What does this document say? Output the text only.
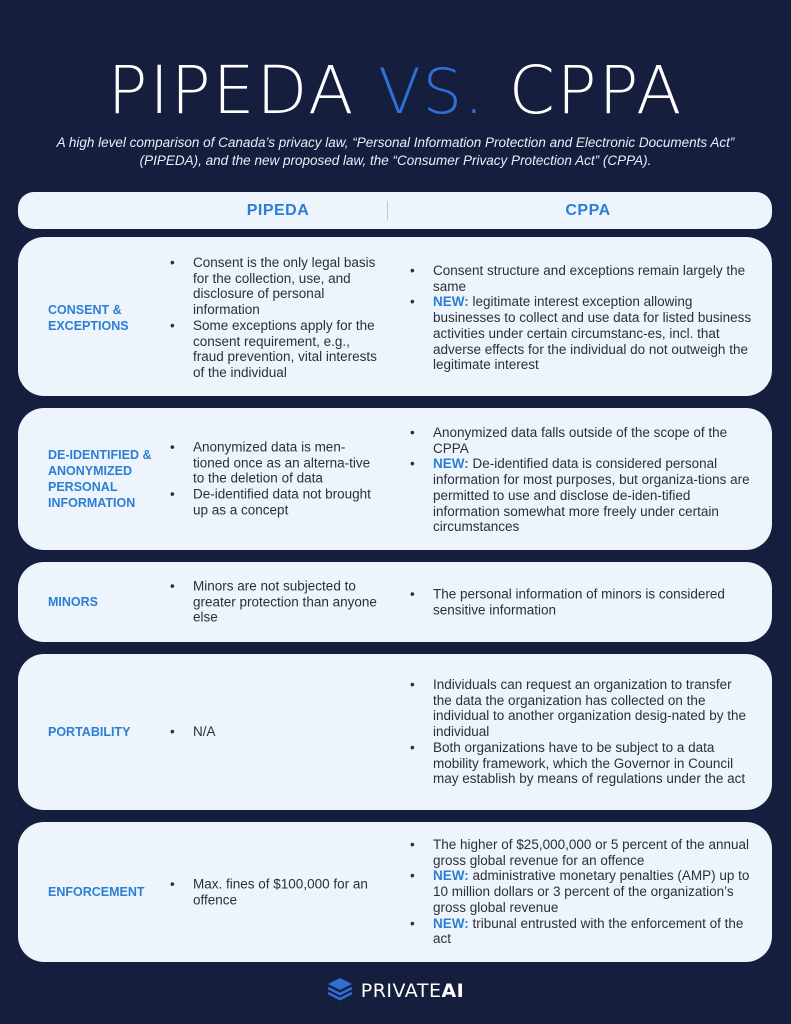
PIPEDA VS. CPPA
A high level comparison of Canada’s privacy law, “Personal Information Protection and Electronic Documents Act” (PIPEDA), and the new proposed law, the “Consumer Privacy Protection Act” (CPPA).
PIPEDA	CPPA
CONSENT & EXCEPTIONS
• Consent is the only legal basis for the collection, use, and disclosure of personal information
• Some exceptions apply for the consent requirement, e.g., fraud prevention, vital interests of the individual
• Consent structure and exceptions remain largely the same
• NEW: legitimate interest exception allowing businesses to collect and use data for listed business activities under certain circumstanc-es, incl. that adverse effects for the individual do not outweigh the legitimate interest
DE-IDENTIFIED & ANONYMIZED PERSONAL INFORMATION
• Anonymized data is men-tioned once as an alterna-tive to the deletion of data
• De-identified data not brought up as a concept
• Anonymized data falls outside of the scope of the CPPA
• NEW: De-identified data is considered personal information for most purposes, but organiza-tions are permitted to use and disclose de-iden-tified information somewhat more freely under certain circumstances
MINORS
• Minors are not subjected to greater protection than anyone else
• The personal information of minors is considered sensitive information
PORTABILITY
•	N/A
• Individuals can request an organization to transfer the data the organization has collected on the individual to another organization desig-nated by the individual
• Both organizations have to be subject to a data mobility framework, which the Governor in Council may establish by means of regulations under the act
ENFORCEMENT
• Max. fines of $100,000 for an offence
• The higher of $25,000,000 or 5 percent of the annual gross global revenue for an offence
• NEW: administrative monetary penalties (AMP) up to 10 million dollars or 3 percent of the organization’s gross global revenue
• NEW: tribunal entrusted with the enforcement of the act
PRIVATEAI
